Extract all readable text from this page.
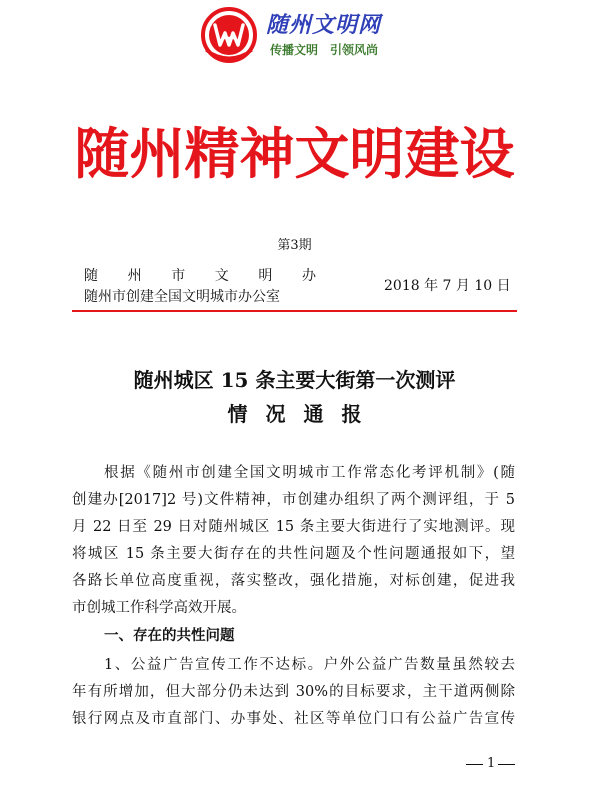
随州文明网
传播文明　引领风尚
随州精神文明建设
第3期
随州市文明办
随州市创建全国文明城市办公室
2018 年 7 月 10 日
随州城区 15 条主要大街第一次测评
情况通报
根据《随州市创建全国文明城市工作常态化考评机制》(随
创建办[2017]2 号)文件精神，市创建办组织了两个测评组，于 5
月 22 日至 29 日对随州城区 15 条主要大街进行了实地测评。现
将城区 15 条主要大街存在的共性问题及个性问题通报如下，望
各路长单位高度重视，落实整改，强化措施，对标创建，促进我
市创城工作科学高效开展。
一、存在的共性问题
1、公益广告宣传工作不达标。户外公益广告数量虽然较去
年有所增加，但大部分仍未达到 30%的目标要求，主干道两侧除
银行网点及市直部门、办事处、社区等单位门口有公益广告宣传
1
